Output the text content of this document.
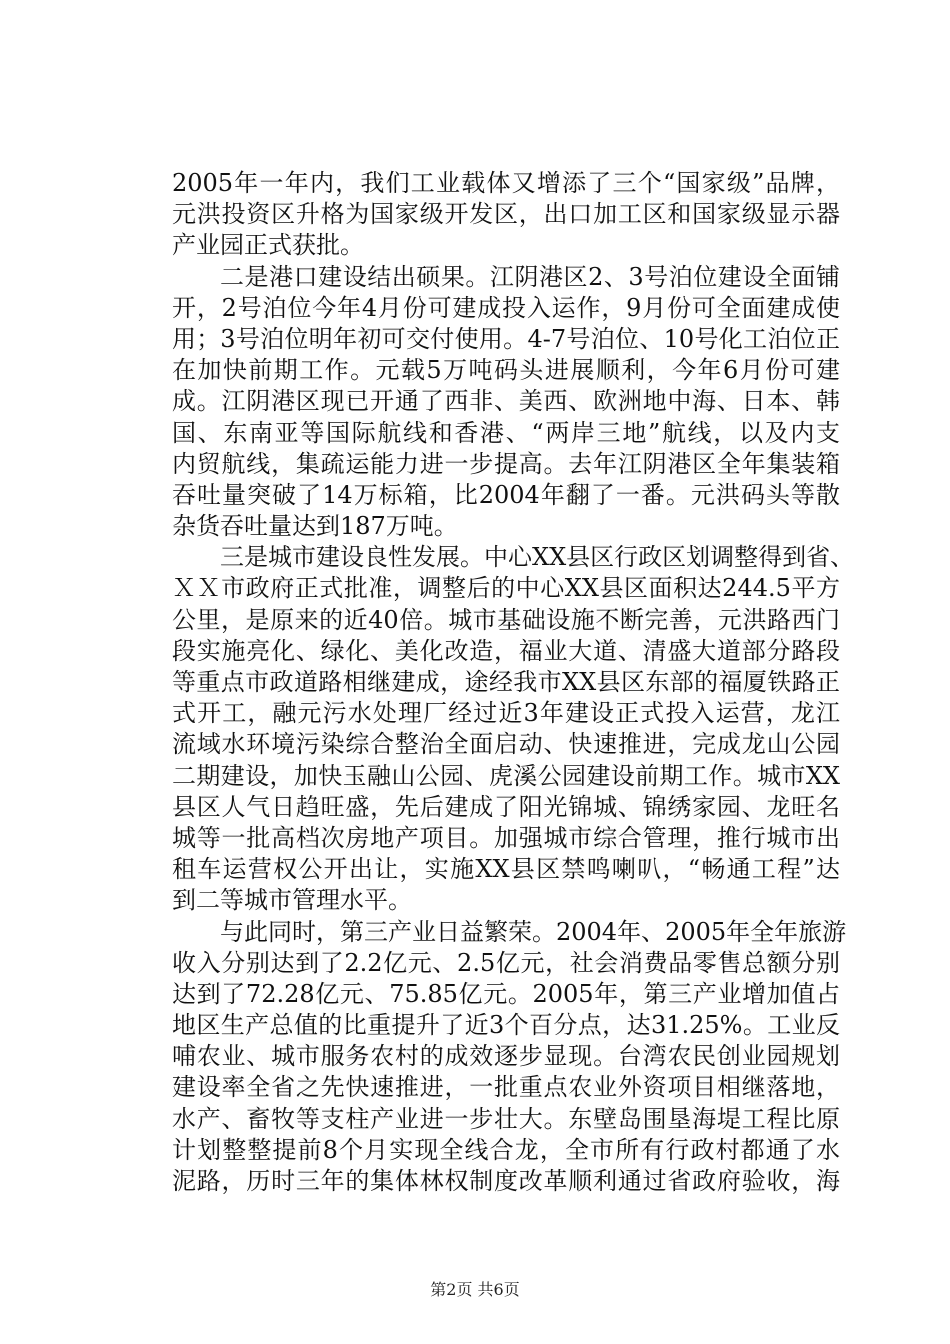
2005年一年内，我们工业载体又增添了三个“国家级”品牌，
元洪投资区升格为国家级开发区，出口加工区和国家级显示器
产业园正式获批。
二是港口建设结出硕果。江阴港区2、3号泊位建设全面铺
开，2号泊位今年4月份可建成投入运作，9月份可全面建成使
用；3号泊位明年初可交付使用。4-7号泊位、10号化工泊位正
在加快前期工作。元载5万吨码头进展顺利，今年6月份可建
成。江阴港区现已开通了西非、美西、欧洲地中海、日本、韩
国、东南亚等国际航线和香港、“两岸三地”航线，以及内支
内贸航线，集疏运能力进一步提高。去年江阴港区全年集装箱
吞吐量突破了14万标箱，比2004年翻了一番。元洪码头等散
杂货吞吐量达到187万吨。
三是城市建设良性发展。中心XX县区行政区划调整得到省、
ＸＸ市政府正式批准，调整后的中心XX县区面积达244.5平方
公里，是原来的近40倍。城市基础设施不断完善，元洪路西门
段实施亮化、绿化、美化改造，福业大道、清盛大道部分路段
等重点市政道路相继建成，途经我市XX县区东部的福厦铁路正
式开工，融元污水处理厂经过近3年建设正式投入运营，龙江
流域水环境污染综合整治全面启动、快速推进，完成龙山公园
二期建设，加快玉融山公园、虎溪公园建设前期工作。城市XX
县区人气日趋旺盛，先后建成了阳光锦城、锦绣家园、龙旺名
城等一批高档次房地产项目。加强城市综合管理，推行城市出
租车运营权公开出让，实施XX县区禁鸣喇叭，“畅通工程”达
到二等城市管理水平。
与此同时，第三产业日益繁荣。2004年、2005年全年旅游
收入分别达到了2.2亿元、2.5亿元，社会消费品零售总额分别
达到了72.28亿元、75.85亿元。2005年，第三产业增加值占
地区生产总值的比重提升了近3个百分点，达31.25%。工业反
哺农业、城市服务农村的成效逐步显现。台湾农民创业园规划
建设率全省之先快速推进，一批重点农业外资项目相继落地，
水产、畜牧等支柱产业进一步壮大。东壁岛围垦海堤工程比原
计划整整提前8个月实现全线合龙，全市所有行政村都通了水
泥路，历时三年的集体林权制度改革顺利通过省政府验收，海
第2页 共6页
